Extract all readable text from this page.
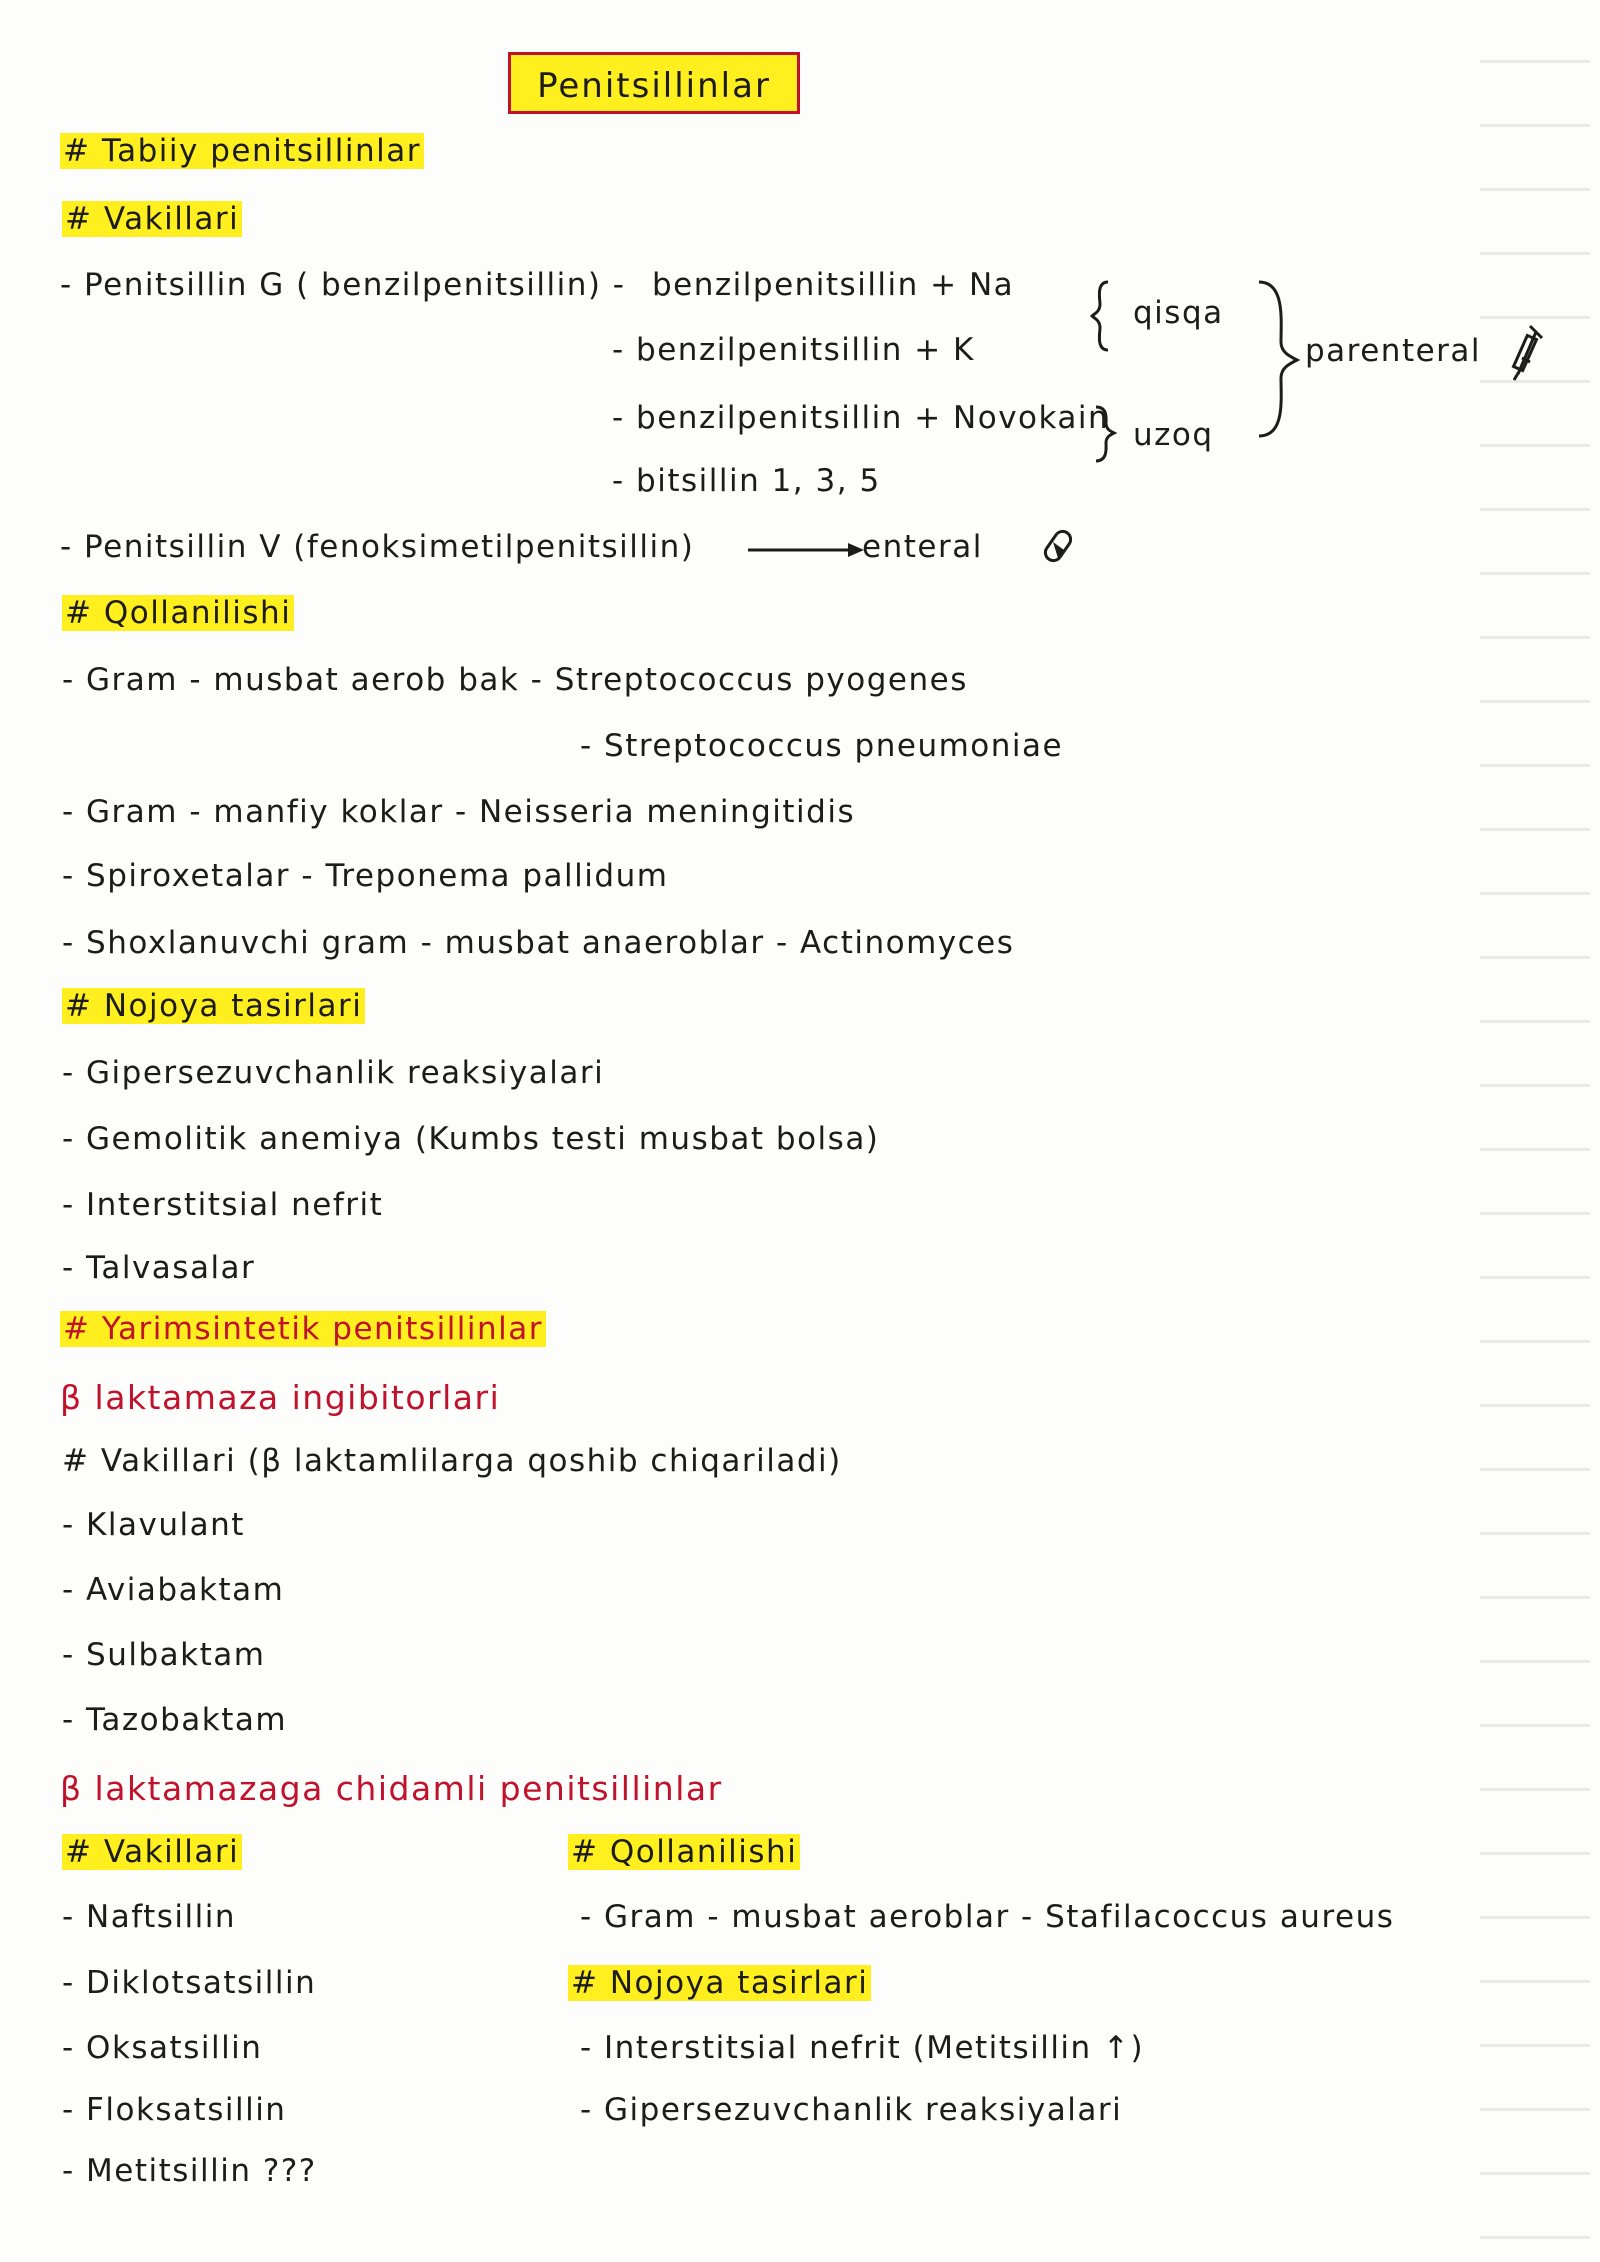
Penitsillinlar
# Tabiiy penitsillinlar
# Vakillari
- Penitsillin G ( benzilpenitsillin) - benzilpenitsillin + Na
- benzilpenitsillin + K
- benzilpenitsillin + Novokain
- bitsillin 1, 3, 5
qisqa
uzoq
parenteral
- Penitsillin V (fenoksimetilpenitsillin)	enteral
# Qollanilishi
- Gram - musbat aerob bak - Streptococcus pyogenes
- Streptococcus pneumoniae
- Gram - manfiy koklar - Neisseria meningitidis
- Spiroxetalar - Treponema pallidum
- Shoxlanuvchi gram - musbat anaeroblar - Actinomyces
# Nojoya tasirlari
- Gipersezuvchanlik reaksiyalari
- Gemolitik anemiya (Kumbs testi musbat bolsa)
- Interstitsial nefrit
- Talvasalar
# Yarimsintetik penitsillinlar
β laktamaza ingibitorlari
# Vakillari (β laktamlilarga qoshib chiqariladi)
- Klavulant
- Aviabaktam
- Sulbaktam
- Tazobaktam
β laktamazaga chidamli penitsillinlar
# Vakillari
- Naftsillin
- Diklotsatsillin
- Oksatsillin
- Floksatsillin
- Metitsillin ???
# Qollanilishi
- Gram - musbat aeroblar - Stafilacoccus aureus
# Nojoya tasirlari
- Interstitsial nefrit (Metitsillin ↑)
- Gipersezuvchanlik reaksiyalari
